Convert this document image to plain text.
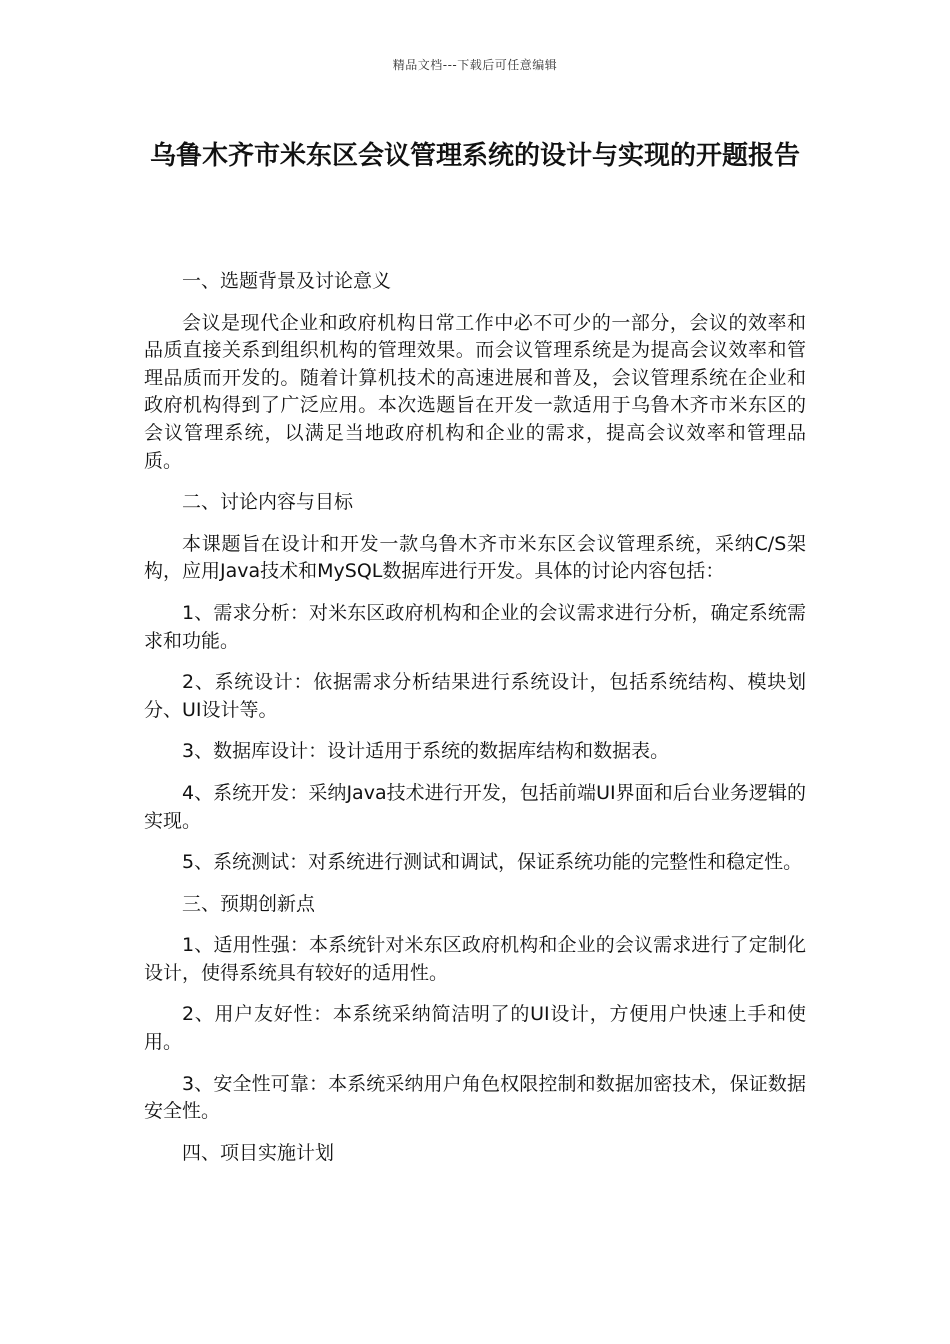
精品文档---下载后可任意编辑
乌鲁木齐市米东区会议管理系统的设计与实现的开题报告

一、选题背景及讨论意义

会议是现代企业和政府机构日常工作中必不可少的一部分，会议的效率和品质直接关系到组织机构的管理效果。而会议管理系统是为提高会议效率和管理品质而开发的。随着计算机技术的高速进展和普及，会议管理系统在企业和政府机构得到了广泛应用。本次选题旨在开发一款适用于乌鲁木齐市米东区的会议管理系统，以满足当地政府机构和企业的需求，提高会议效率和管理品质。

二、讨论内容与目标

本课题旨在设计和开发一款乌鲁木齐市米东区会议管理系统，采纳C/S架构，应用Java技术和MySQL数据库进行开发。具体的讨论内容包括：

1、需求分析：对米东区政府机构和企业的会议需求进行分析，确定系统需求和功能。

2、系统设计：依据需求分析结果进行系统设计，包括系统结构、模块划分、UI设计等。

3、数据库设计：设计适用于系统的数据库结构和数据表。

4、系统开发：采纳Java技术进行开发，包括前端UI界面和后台业务逻辑的实现。

5、系统测试：对系统进行测试和调试，保证系统功能的完整性和稳定性。

三、预期创新点

1、适用性强：本系统针对米东区政府机构和企业的会议需求进行了定制化设计，使得系统具有较好的适用性。

2、用户友好性：本系统采纳简洁明了的UI设计，方便用户快速上手和使用。

3、安全性可靠：本系统采纳用户角色权限控制和数据加密技术，保证数据安全性。

四、项目实施计划
